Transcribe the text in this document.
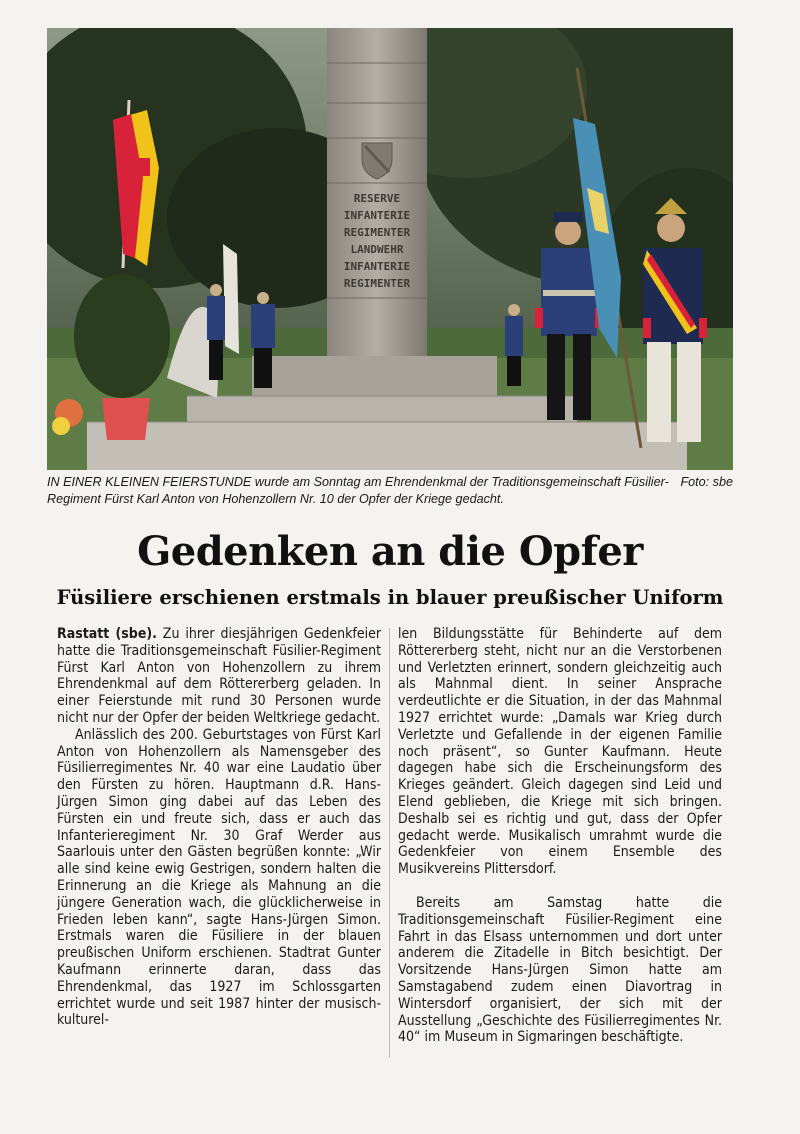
RESERVE
INFANTERIE
REGIMENTER
LANDWEHR
INFANTERIE
REGIMENTER
Foto: sbe
IN EINER KLEINEN FEIERSTUNDE wurde am Sonntag am Ehrendenkmal der Traditionsgemeinschaft Füsilier-Regiment Fürst Karl Anton von Hohenzollern Nr. 10 der Opfer der Kriege gedacht.
Gedenken an die Opfer
Füsiliere erschienen erstmals in blauer preußischer Uniform

Rastatt (sbe). Zu ihrer diesjährigen Gedenkfeier hatte die Traditionsgemeinschaft Füsilier-Regiment Fürst Karl Anton von Hohenzollern zu ihrem Ehrendenkmal auf dem Röttererberg geladen. In einer Feierstunde mit rund 30 Personen wurde nicht nur der Opfer der beiden Weltkriege gedacht.

Anlässlich des 200. Geburtstages von Fürst Karl Anton von Hohenzollern als Namensgeber des Füsilierregimentes Nr. 40 war eine Laudatio über den Fürsten zu hören. Hauptmann d.R. Hans-Jürgen Simon ging dabei auf das Leben des Fürsten ein und freute sich, dass er auch das Infanterieregiment Nr. 30 Graf Werder aus Saarlouis unter den Gästen begrüßen konnte: „Wir alle sind keine ewig Gestrigen, sondern halten die Erinnerung an die Kriege als Mahnung an die jüngere Generation wach, die glücklicherweise in Frieden leben kann“, sagte Hans-Jürgen Simon. Erstmals waren die Füsiliere in der blauen preußischen Uniform erschienen. Stadtrat Gunter Kaufmann erinnerte daran, dass das Ehrendenkmal, das 1927 im Schlossgarten errichtet wurde und seit 1987 hinter der musisch-kulturel-

len Bildungsstätte für Behinderte auf dem Röttererberg steht, nicht nur an die Verstorbenen und Verletzten erinnert, sondern gleichzeitig auch als Mahnmal dient. In seiner Ansprache verdeutlichte er die Situation, in der das Mahnmal 1927 errichtet wurde: „Damals war Krieg durch Verletzte und Gefallende in der eigenen Familie noch präsent“, so Gunter Kaufmann. Heute dagegen habe sich die Erscheinungsform des Krieges geändert. Gleich dagegen sind Leid und Elend geblieben, die Kriege mit sich bringen. Deshalb sei es richtig und gut, dass der Opfer gedacht werde. Musikalisch umrahmt wurde die Gedenkfeier von einem Ensemble des Musikvereins Plittersdorf.

Bereits am Samstag hatte die Traditionsgemeinschaft Füsilier-Regiment eine Fahrt in das Elsass unternommen und dort unter anderem die Zitadelle in Bitch besichtigt. Der Vorsitzende Hans-Jürgen Simon hatte am Samstagabend zudem einen Diavortrag in Wintersdorf organisiert, der sich mit der Ausstellung „Geschichte des Füsilierregimentes Nr. 40“ im Museum in Sigmaringen beschäftigte.
